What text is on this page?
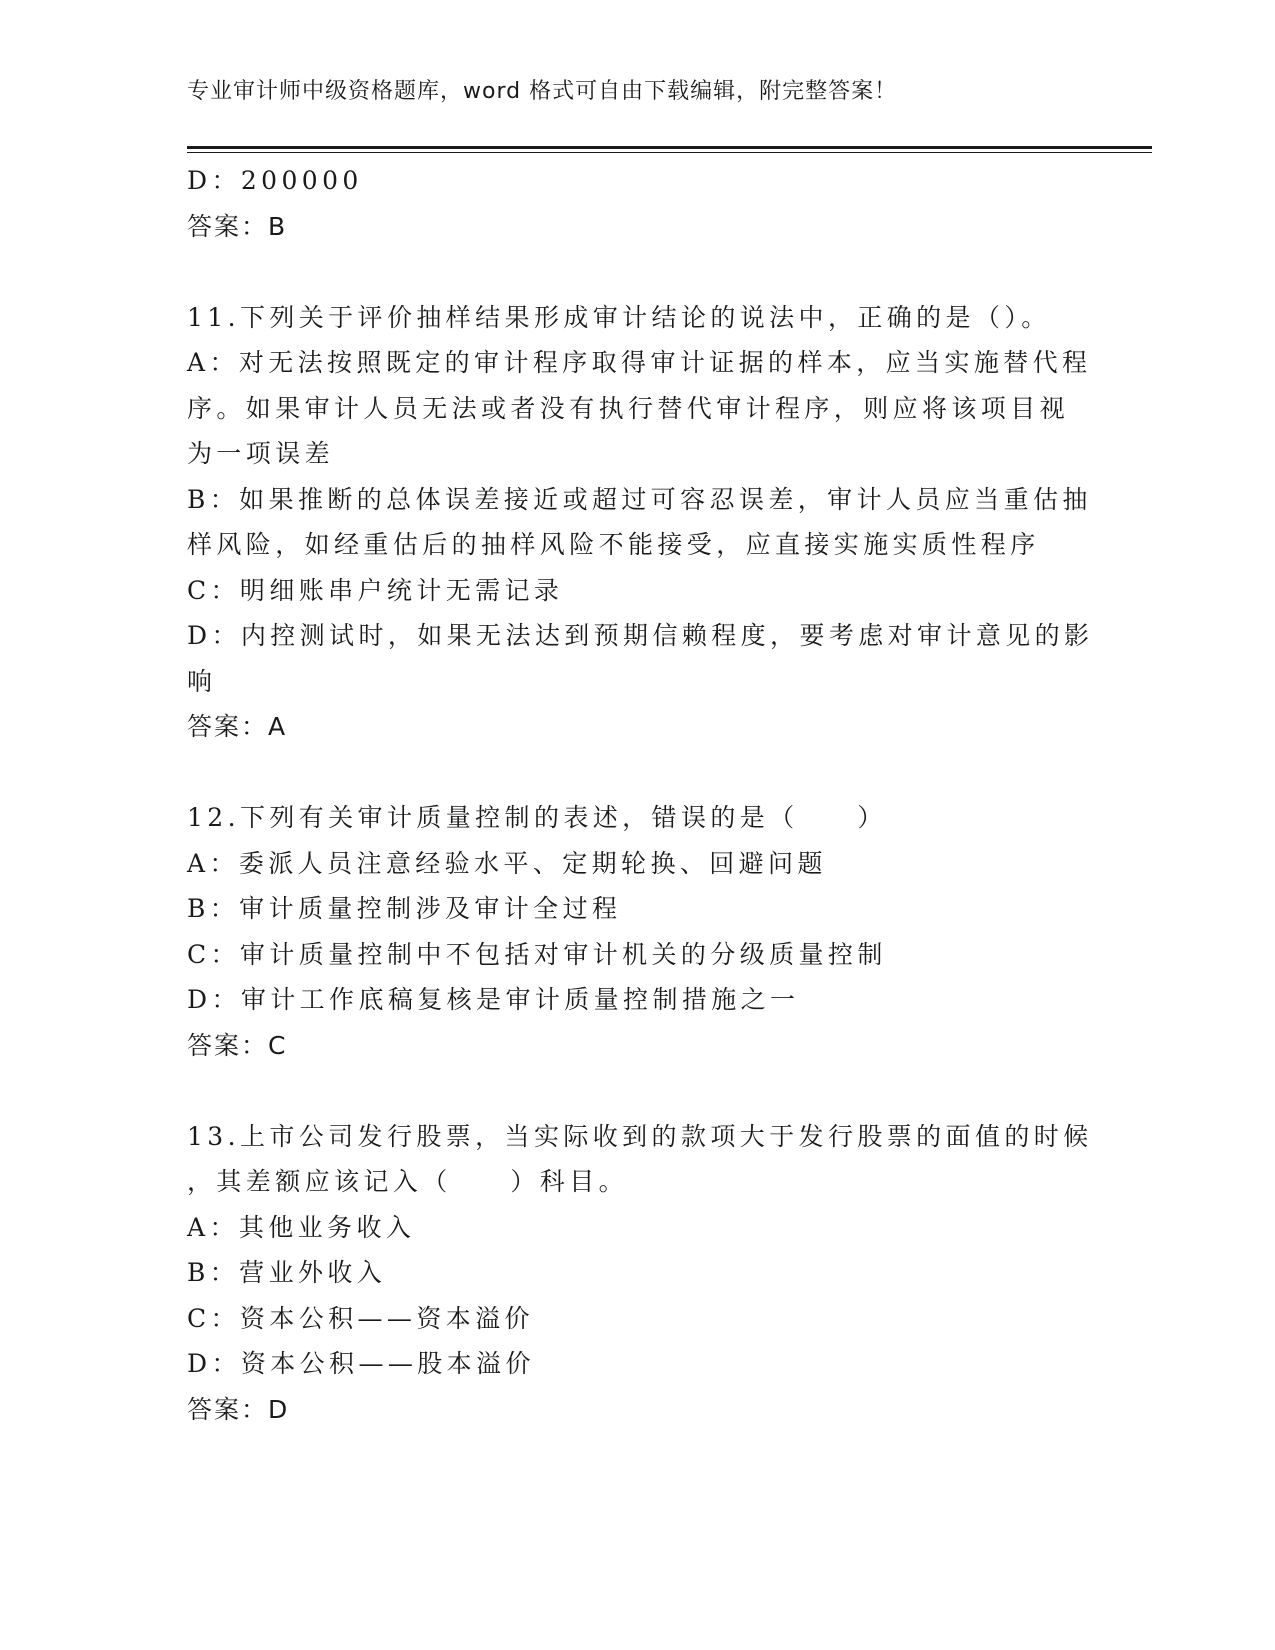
专业审计师中级资格题库，word 格式可自由下载编辑，附完整答案！
D：200000
答案：B
11.下列关于评价抽样结果形成审计结论的说法中，正确的是（）。
A：对无法按照既定的审计程序取得审计证据的样本，应当实施替代程
序。如果审计人员无法或者没有执行替代审计程序，则应将该项目视
为一项误差
B：如果推断的总体误差接近或超过可容忍误差，审计人员应当重估抽
样风险，如经重估后的抽样风险不能接受，应直接实施实质性程序
C：明细账串户统计无需记录
D：内控测试时，如果无法达到预期信赖程度，要考虑对审计意见的影
响
答案：A
12.下列有关审计质量控制的表述，错误的是（　　）
A：委派人员注意经验水平、定期轮换、回避问题
B：审计质量控制涉及审计全过程
C：审计质量控制中不包括对审计机关的分级质量控制
D：审计工作底稿复核是审计质量控制措施之一
答案：C
13.上市公司发行股票，当实际收到的款项大于发行股票的面值的时候
，其差额应该记入（　　）科目。
A：其他业务收入
B：营业外收入
C：资本公积——资本溢价
D：资本公积——股本溢价
答案：D
